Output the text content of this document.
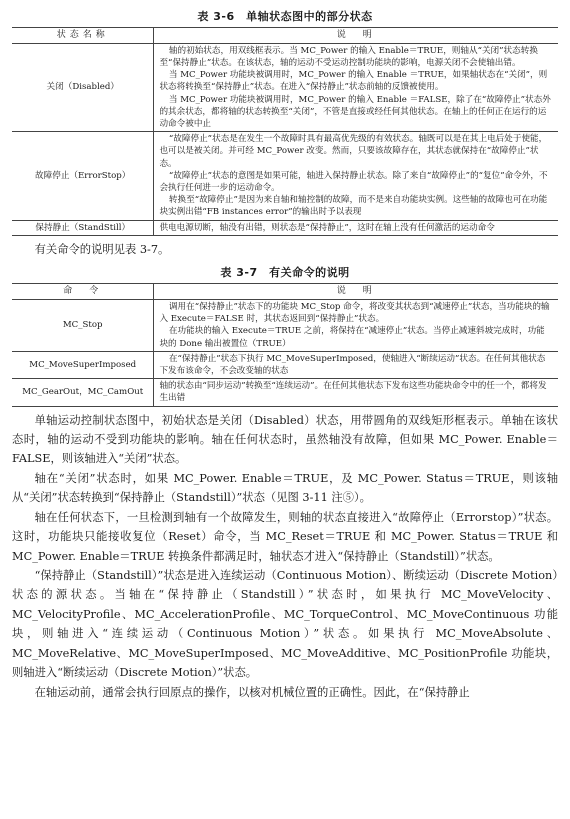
表 3-6　单轴状态图中的部分状态
状态名称	说　明
关闭（Disabled）	轴的初始状态，用双线框表示。当 MC_Power 的输入 Enable＝TRUE，则轴从“关闭”状态转换至“保持静止”状态。在该状态，轴的运动不受运动控制功能块的影响，电源关闭不会使轴出错。

当 MC_Power 功能块被调用时，MC_Power 的输入 Enable ＝TRUE，如果轴状态在“关闭”，则状态将转换至“保持静止”状态。在进入“保持静止”状态前轴的反馈被使用。

当 MC_Power 功能块被调用时，MC_Power 的输入 Enable ＝FALSE，除了在“故障停止”状态外的其余状态，都将轴的状态转换至“关闭”，不管是直接或经任何其他状态。在轴上的任何正在运行的运动命令被中止

故障停止（ErrorStop）	“故障停止”状态是在发生一个故障时具有最高优先级的有效状态。轴既可以是在其上电后处于使能，也可以是被关闭。并可经 MC_Power 改变。然而，只要该故障存在，其状态就保持在“故障停止”状态。

“故障停止”状态的意图是如果可能，轴进入保持静止状态。除了来自“故障停止”的“复位”命令外，不会执行任何进一步的运动命令。

转换至“故障停止”是因为来自轴和轴控制的故障，而不是来自功能块实例。这些轴的故障也可在功能块实例出错“FB instances error”的输出时予以表现

保持静止（StandStill）	供电电源切断，轴没有出错，则状态是“保持静止”，这时在轴上没有任何激活的运动命令

有关命令的说明见表 3-7。

表 3-7　有关命令的说明
命　令	说　明
MC_Stop	调用在“保持静止”状态下的功能块 MC_Stop 命令，将改变其状态到“减速停止”状态，当功能块的输入 Execute＝FALSE 时，其状态返回到“保持静止”状态。

在功能块的输入 Execute＝TRUE 之前，将保持在“减速停止”状态。当停止减速斜坡完成时，功能块的 Done 输出被置位（TRUE）

MC_MoveSuperImposed	在“保持静止”状态下执行 MC_MoveSuperImposed，使轴进入“断续运动”状态。在任何其他状态下发布该命令，不会改变轴的状态

MC_GearOut，MC_CamOut	轴的状态由“同步运动”转换至“连续运动”。在任何其他状态下发布这些功能块命令中的任一个，都将发生出错

单轴运动控制状态图中，初始状态是关闭（Disabled）状态，用带圆角的双线矩形框表示。单轴在该状态时，轴的运动不受到功能块的影响。轴在任何状态时，虽然轴没有故障，但如果 MC_Power. Enable＝FALSE，则该轴进入“关闭”状态。

轴在“关闭”状态时，如果 MC_Power. Enable＝TRUE，及 MC_Power. Status＝TRUE，则该轴从“关闭”状态转换到“保持静止（Standstill）”状态（见图 3-11 注⑤）。

轴在任何状态下，一旦检测到轴有一个故障发生，则轴的状态直接进入“故障停止（Errorstop）”状态。这时，功能块只能接收复位（Reset）命令，当 MC_Reset＝TRUE 和 MC_Power. Status＝TRUE 和 MC_Power. Enable＝TRUE 转换条件都满足时，轴状态才进入“保持静止（Standstill）”状态。

“保持静止（Standstill）”状态是进入连续运动（Continuous Motion）、断续运动（Discrete Motion）状态的源状态。当轴在“保持静止（Standstill）”状态时，如果执行 MC_MoveVelocity、MC_VelocityProfile、MC_AccelerationProfile、MC_TorqueControl、MC_MoveContinuous 功能块，则轴进入“连续运动（Continuous Motion）”状态。如果执行 MC_MoveAbsolute、MC_MoveRelative、MC_MoveSuperImposed、MC_MoveAdditive、MC_PositionProfile 功能块，则轴进入“断续运动（Discrete Motion）”状态。

在轴运动前，通常会执行回原点的操作，以核对机械位置的正确性。因此，在“保持静止
